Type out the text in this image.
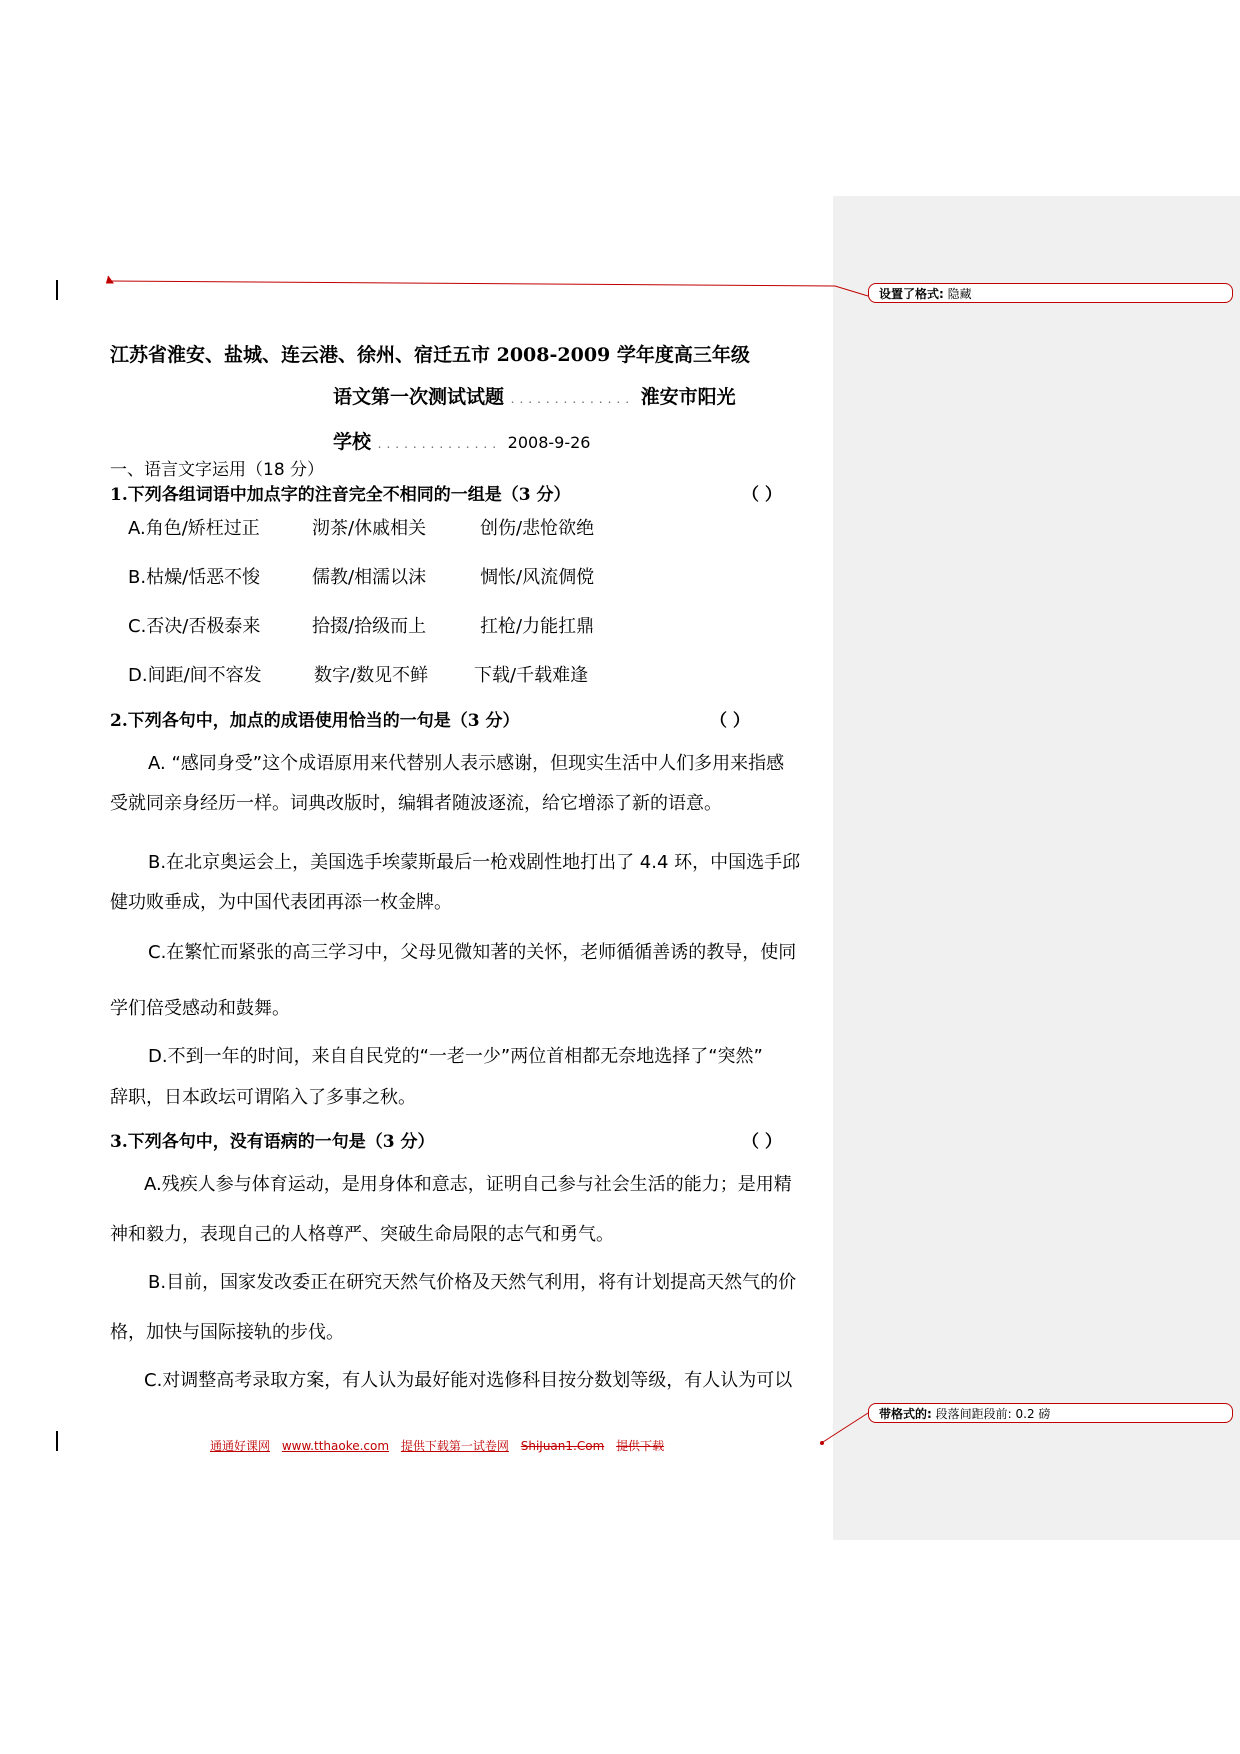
设置了格式: 隐藏
带格式的: 段落间距段前: 0.2 磅
江苏省淮安、盐城、连云港、徐州、宿迁五市 2008-2009 学年度高三年级
语文第一次测试试题 .............. 淮安市阳光
学校 .............. 2008-9-26
一、语言文字运用（18 分）
1.下列各组词语中加点字的注音完全不相同的一组是（3 分）	（ ）
A.角色/矫枉过正	沏茶/休戚相关	创伤/悲怆欲绝
B.枯燥/恬恶不悛	儒教/相濡以沫	惆怅/风流倜傥
C.否决/否极泰来	拾掇/拾级而上	扛枪/力能扛鼎
D.间距/间不容发	数字/数见不鲜	下载/千载难逢
2.下列各句中，加点的成语使用恰当的一句是（3 分）	（ ）
A. “感同身受”这个成语原用来代替别人表示感谢，但现实生活中人们多用来指感
受就同亲身经历一样。词典改版时，编辑者随波逐流，给它增添了新的语意。
B.在北京奥运会上，美国选手埃蒙斯最后一枪戏剧性地打出了 4.4 环，中国选手邱
健功败垂成，为中国代表团再添一枚金牌。
C.在繁忙而紧张的高三学习中，父母见微知著的关怀，老师循循善诱的教导，使同
学们倍受感动和鼓舞。
D.不到一年的时间，来自自民党的“一老一少”两位首相都无奈地选择了“突然”
辞职，日本政坛可谓陷入了多事之秋。
3.下列各句中，没有语病的一句是（3 分）	（ ）
A.残疾人参与体育运动，是用身体和意志，证明自己参与社会生活的能力；是用精
神和毅力，表现自己的人格尊严、突破生命局限的志气和勇气。
B.目前，国家发改委正在研究天然气价格及天然气利用，将有计划提高天然气的价
格，加快与国际接轨的步伐。
C.对调整高考录取方案，有人认为最好能对选修科目按分数划等级，有人认为可以
通通好课网 www.tthaoke.com 提供下载第一试卷网 ShiJuan1.Com 提供下载
